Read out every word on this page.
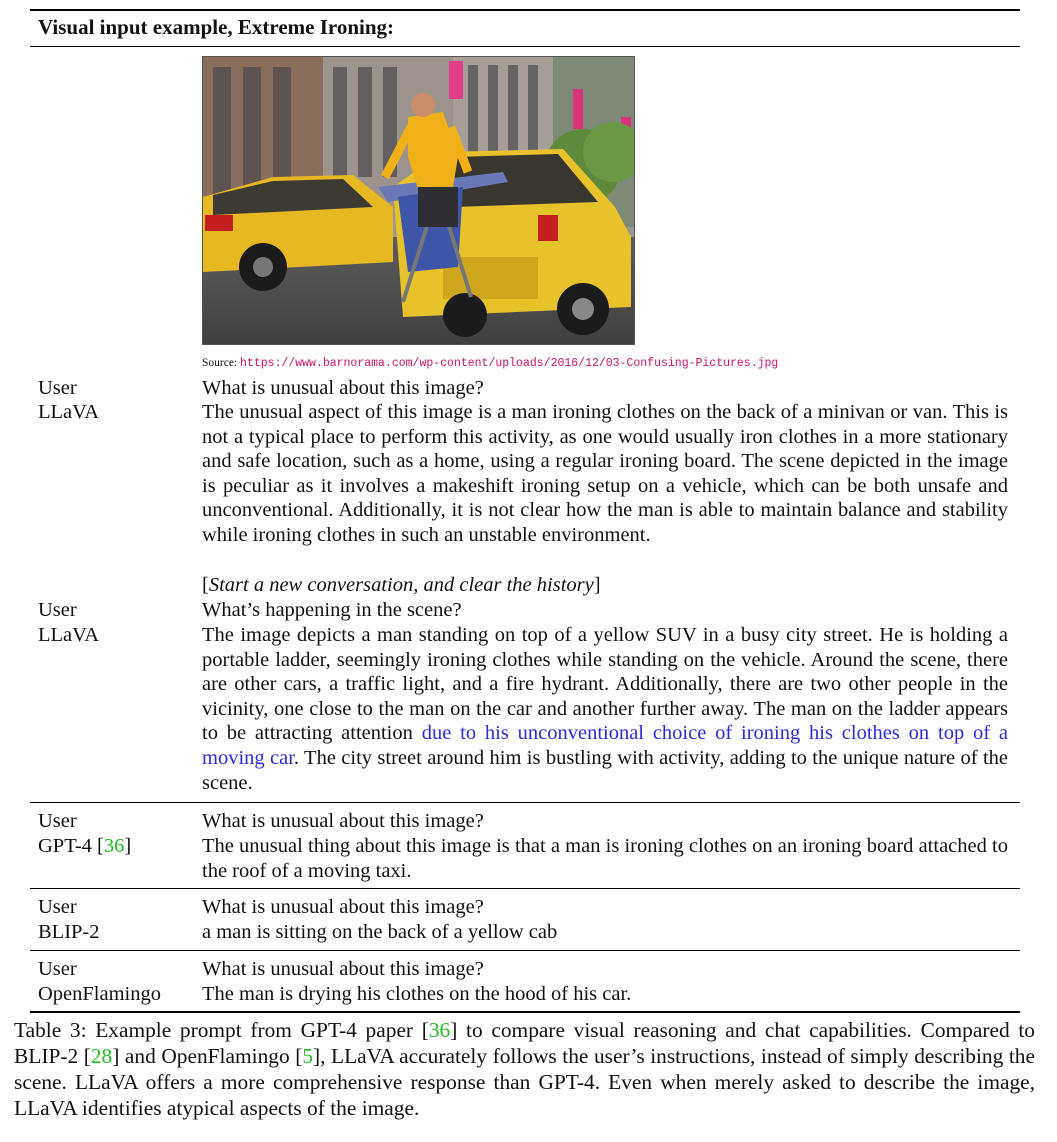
Visual input example, Extreme Ironing:
Source: https://www.barnorama.com/wp-content/uploads/2016/12/03-Confusing-Pictures.jpg
User	What is unusual about this image?
LLaVA	The unusual aspect of this image is a man ironing clothes on the back of a minivan or van. This is not a typical place to perform this activity, as one would usually iron clothes in a more stationary and safe location, such as a home, using a regular ironing board. The scene depicted in the image is peculiar as it involves a makeshift ironing setup on a vehicle, which can be both unsafe and unconventional. Additionally, it is not clear how the man is able to maintain balance and stability while ironing clothes in such an unstable environment.
[Start a new conversation, and clear the history]
User	What’s happening in the scene?
LLaVA	The image depicts a man standing on top of a yellow SUV in a busy city street. He is holding a portable ladder, seemingly ironing clothes while standing on the vehicle. Around the scene, there are other cars, a traffic light, and a fire hydrant. Additionally, there are two other people in the vicinity, one close to the man on the car and another further away. The man on the ladder appears to be attracting attention due to his unconventional choice of ironing his clothes on top of a moving car. The city street around him is bustling with activity, adding to the unique nature of the scene.
User	What is unusual about this image?
GPT-4 [36]	The unusual thing about this image is that a man is ironing clothes on an ironing board attached to the roof of a moving taxi.
User	What is unusual about this image?
BLIP-2	a man is sitting on the back of a yellow cab
User	What is unusual about this image?
OpenFlamingo The man is drying his clothes on the hood of his car.
Table 3: Example prompt from GPT-4 paper [36] to compare visual reasoning and chat capabilities. Compared to BLIP-2 [28] and OpenFlamingo [5], LLaVA accurately follows the user’s instructions, instead of simply describing the scene. LLaVA offers a more comprehensive response than GPT-4. Even when merely asked to describe the image, LLaVA identifies atypical aspects of the image.
